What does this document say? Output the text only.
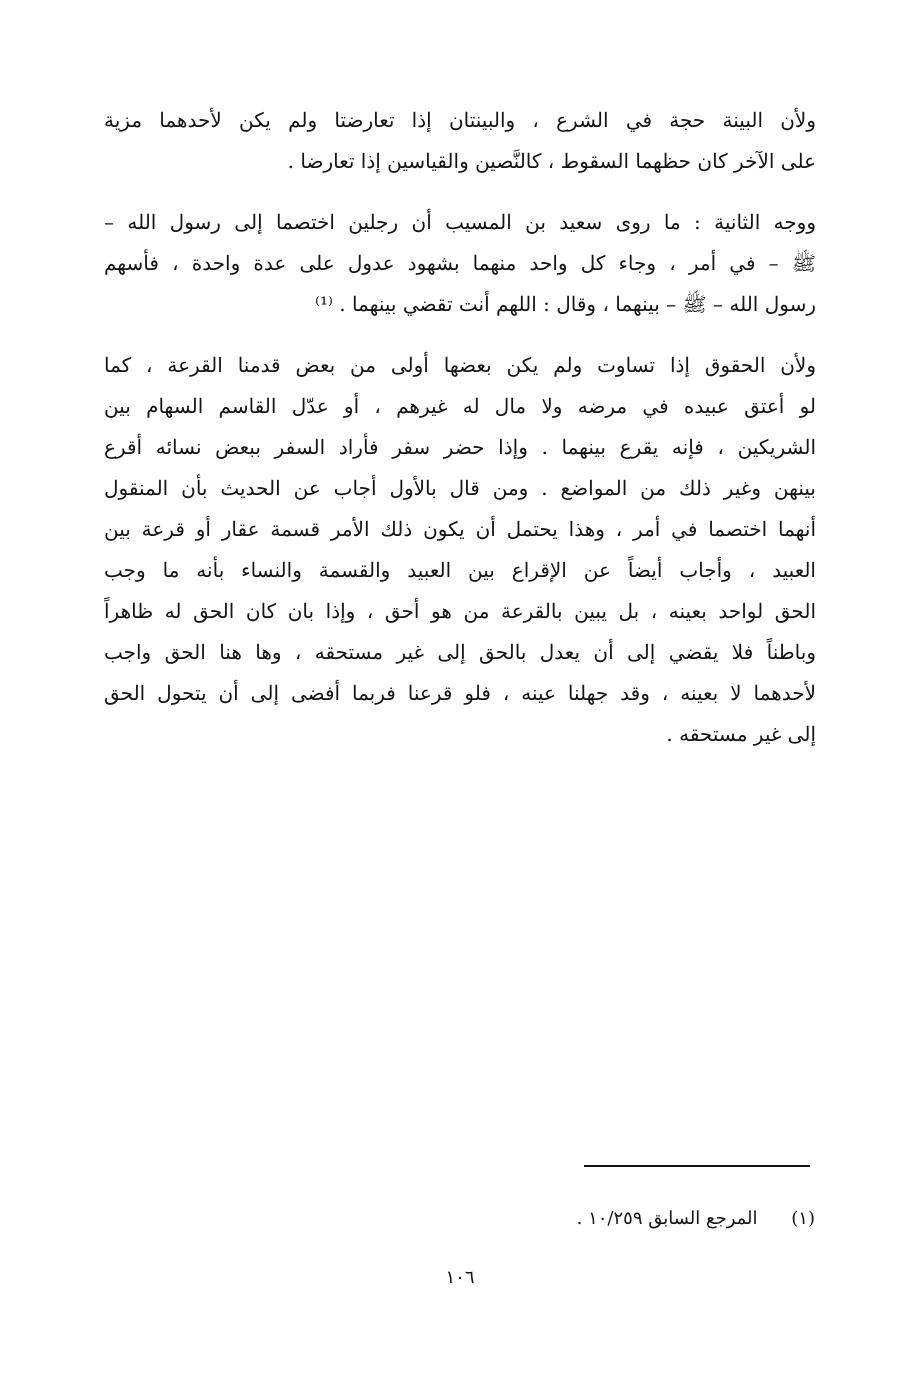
ولأن البينة حجة في الشرع ، والبينتان إذا تعارضتا ولم يكن لأحدهما مزية
على الآخر كان حظهما السقوط ، كالنَّصين والقياسين إذا تعارضا .

ووجه الثانية : ما روى سعيد بن المسيب أن رجلين اختصما إلى رسول الله –
ﷺ – في أمر ، وجاء كل واحد منهما بشهود عدول على عدة واحدة ، فأسهم
رسول الله – ﷺ – بينهما ، وقال : اللهم أنت تقضي بينهما . ⁽¹⁾

ولأن الحقوق إذا تساوت ولم يكن بعضها أولى من بعض قدمنا القرعة ، كما
لو أعتق عبيده في مرضه ولا مال له غيرهم ، أو عدّل القاسم السهام بين
الشريكين ، فإنه يقرع بينهما . وإذا حضر سفر فأراد السفر ببعض نسائه أقرع
بينهن وغير ذلك من المواضع . ومن قال بالأول أجاب عن الحديث بأن المنقول
أنهما اختصما في أمر ، وهذا يحتمل أن يكون ذلك الأمر قسمة عقار أو قرعة بين
العبيد ، وأجاب أيضاً عن الإقراع بين العبيد والقسمة والنساء بأنه ما وجب
الحق لواحد بعينه ، بل يبين بالقرعة من هو أحق ، وإذا بان كان الحق له ظاهراً
وباطناً فلا يقضي إلى أن يعدل بالحق إلى غير مستحقه ، وها هنا الحق واجب
لأحدهما لا بعينه ، وقد جهلنا عينه ، فلو قرعنا فربما أفضى إلى أن يتحول الحق
إلى غير مستحقه .

(١) المرجع السابق ١٠/٢٥٩ .
١٠٦
